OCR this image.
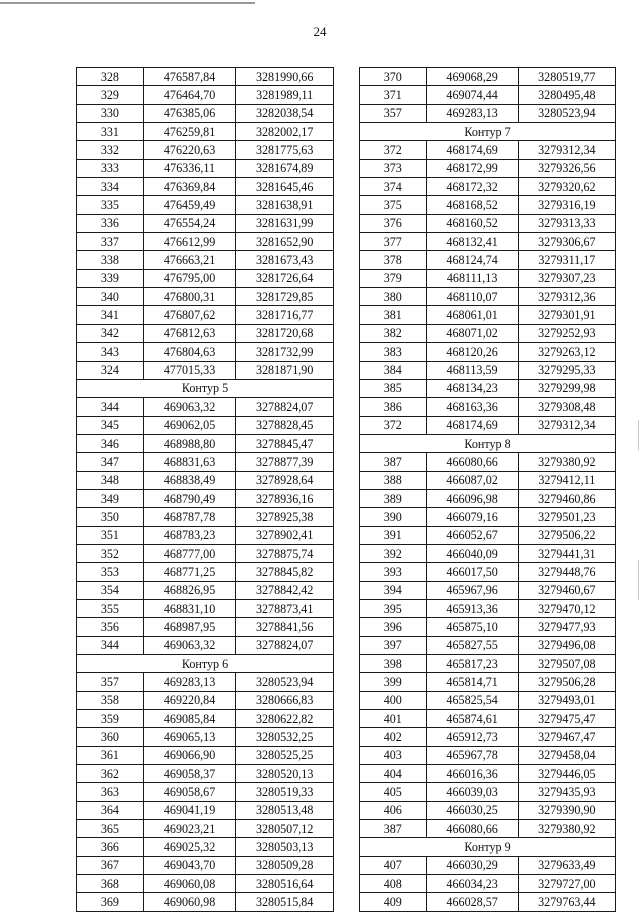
24
328	476587,84	3281990,66
329	476464,70	3281989,11
330	476385,06	3282038,54
331	476259,81	3282002,17
332	476220,63	3281775,63
333	476336,11	3281674,89
334	476369,84	3281645,46
335	476459,49	3281638,91
336	476554,24	3281631,99
337	476612,99	3281652,90
338	476663,21	3281673,43
339	476795,00	3281726,64
340	476800,31	3281729,85
341	476807,62	3281716,77
342	476812,63	3281720,68
343	476804,63	3281732,99
324	477015,33	3281871,90
Контур 5		
344	469063,32	3278824,07
345	469062,05	3278828,45
346	468988,80	3278845,47
347	468831,63	3278877,39
348	468838,49	3278928,64
349	468790,49	3278936,16
350	468787,78	3278925,38
351	468783,23	3278902,41
352	468777,00	3278875,74
353	468771,25	3278845,82
354	468826,95	3278842,42
355	468831,10	3278873,41
356	468987,95	3278841,56
344	469063,32	3278824,07
Контур 6		
357	469283,13	3280523,94
358	469220,84	3280666,83
359	469085,84	3280622,82
360	469065,13	3280532,25
361	469066,90	3280525,25
362	469058,37	3280520,13
363	469058,67	3280519,33
364	469041,19	3280513,48
365	469023,21	3280507,12
366	469025,32	3280503,13
367	469043,70	3280509,28
368	469060,08	3280516,64
369	469060,98	3280515,84
370	469068,29	3280519,77
371	469074,44	3280495,48
357	469283,13	3280523,94
Контур 7		
372	468174,69	3279312,34
373	468172,99	3279326,56
374	468172,32	3279320,62
375	468168,52	3279316,19
376	468160,52	3279313,33
377	468132,41	3279306,67
378	468124,74	3279311,17
379	468111,13	3279307,23
380	468110,07	3279312,36
381	468061,01	3279301,91
382	468071,02	3279252,93
383	468120,26	3279263,12
384	468113,59	3279295,33
385	468134,23	3279299,98
386	468163,36	3279308,48
372	468174,69	3279312,34
Контур 8		
387	466080,66	3279380,92
388	466087,02	3279412,11
389	466096,98	3279460,86
390	466079,16	3279501,23
391	466052,67	3279506,22
392	466040,09	3279441,31
393	466017,50	3279448,76
394	465967,96	3279460,67
395	465913,36	3279470,12
396	465875,10	3279477,93
397	465827,55	3279496,08
398	465817,23	3279507,08
399	465814,71	3279506,28
400	465825,54	3279493,01
401	465874,61	3279475,47
402	465912,73	3279467,47
403	465967,78	3279458,04
404	466016,36	3279446,05
405	466039,03	3279435,93
406	466030,25	3279390,90
387	466080,66	3279380,92
Контур 9		
407	466030,29	3279633,49
408	466034,23	3279727,00
409	466028,57	3279763,44
